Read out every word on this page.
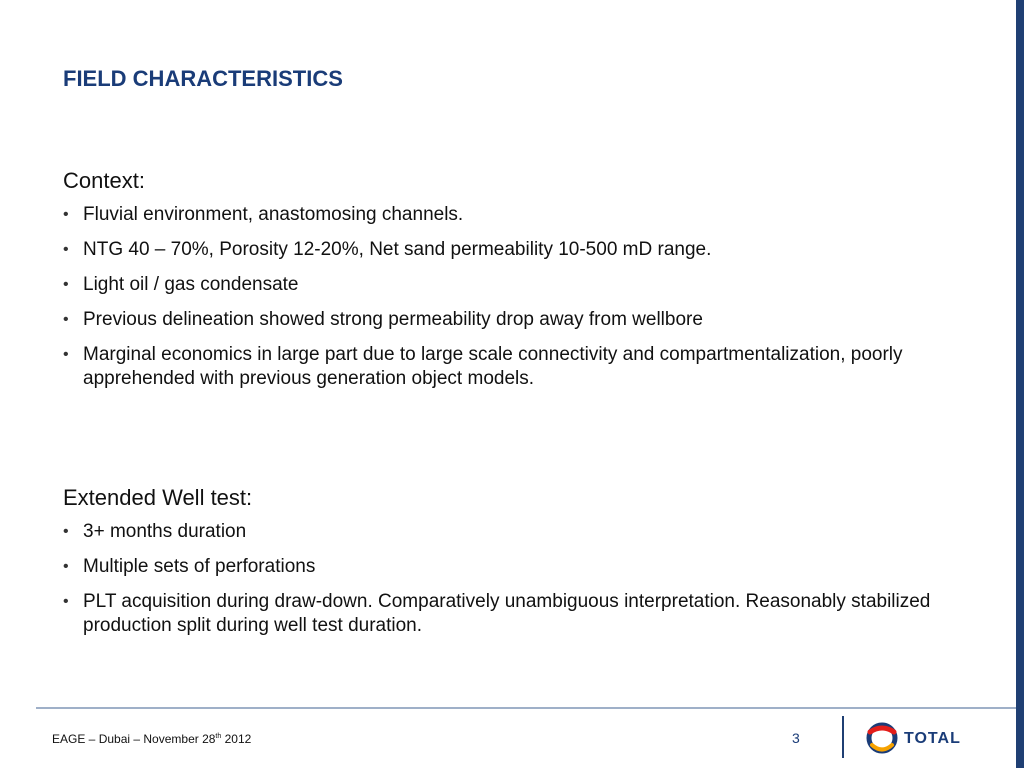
FIELD CHARACTERISTICS

Context:

• Fluvial environment, anastomosing channels.
• NTG 40 – 70%, Porosity 12-20%, Net sand permeability 10-500 mD range.
• Light oil / gas condensate
• Previous delineation showed strong permeability drop away from wellbore
• Marginal economics in large part due to large scale connectivity and compartmentalization, poorly apprehended with previous generation object models.

Extended Well test:

• 3+ months duration
• Multiple sets of perforations
• PLT acquisition during draw-down. Comparatively unambiguous interpretation. Reasonably stabilized production split during well test duration.
EAGE – Dubai – November 28th 2012	3	TOTAL
